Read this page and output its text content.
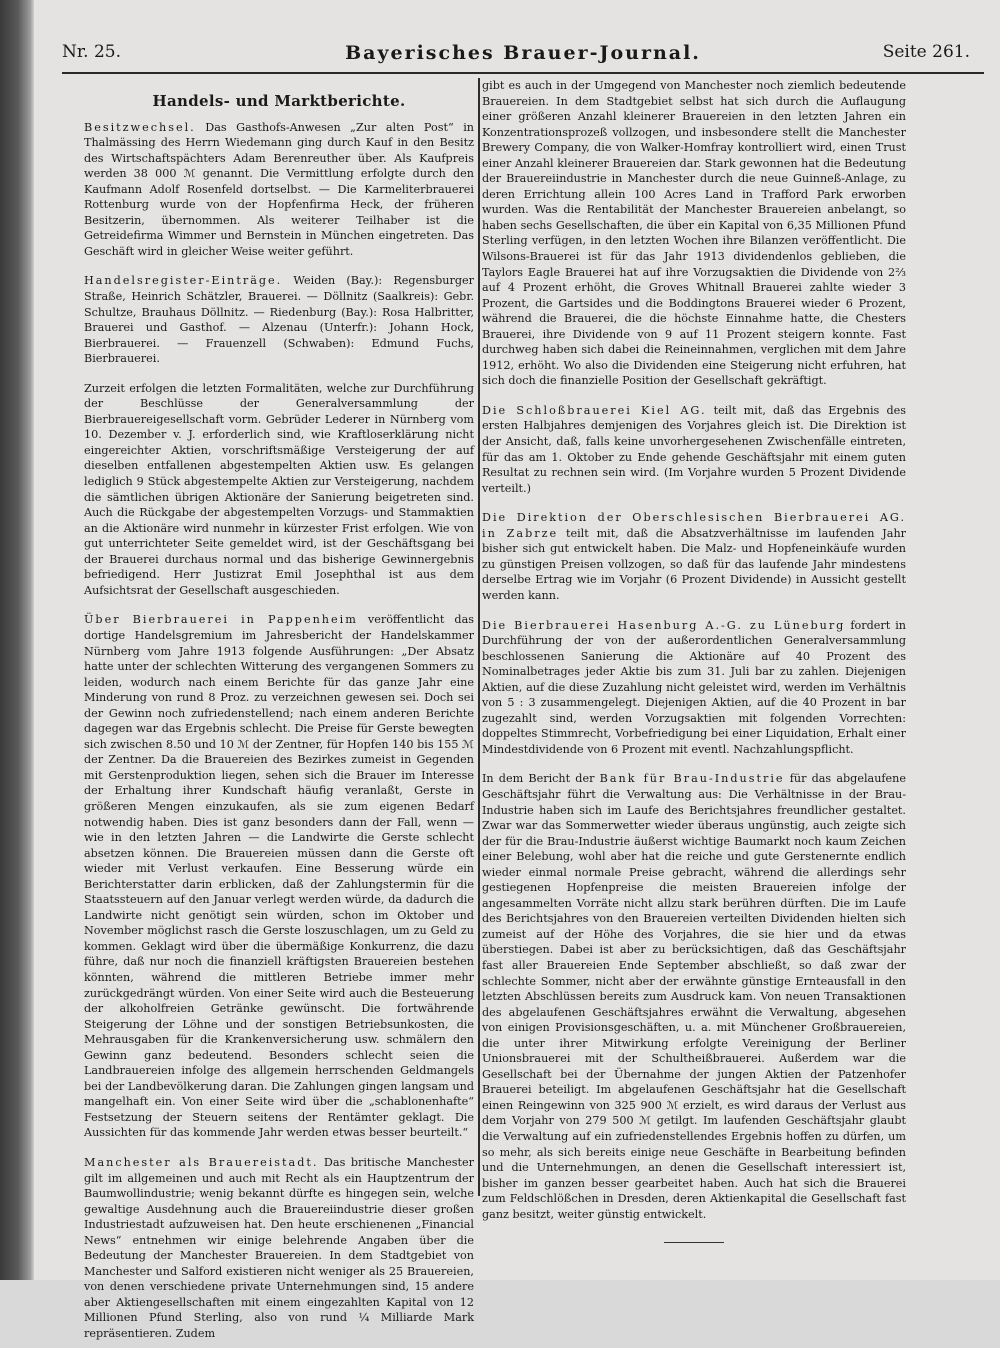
Nr. 25.	Bayerisches Brauer-Journal.	Seite 261.
Handels- und Marktberichte.

Besitzwechsel. Das Gasthofs-Anwesen „Zur alten Post“ in Thalmässing des Herrn Wiedemann ging durch Kauf in den Besitz des Wirtschaftspächters Adam Berenreuther über. Als Kaufpreis werden 38 000 ℳ genannt. Die Vermittlung erfolgte durch den Kaufmann Adolf Rosenfeld dortselbst. — Die Karmeliterbrauerei Rottenburg wurde von der Hopfenfirma Heck, der früheren Besitzerin, übernommen. Als weiterer Teilhaber ist die Getreidefirma Wimmer und Bernstein in München eingetreten. Das Geschäft wird in gleicher Weise weiter geführt.

Handelsregister-Einträge. Weiden (Bay.): Regensburger Straße, Heinrich Schätzler, Brauerei. — Döllnitz (Saalkreis): Gebr. Schultze, Brauhaus Döllnitz. — Riedenburg (Bay.): Rosa Halbritter, Brauerei und Gasthof. — Alzenau (Unterfr.): Johann Hock, Bierbrauerei. — Frauenzell (Schwaben): Edmund Fuchs, Bierbrauerei.

Zurzeit erfolgen die letzten Formalitäten, welche zur Durchführung der Beschlüsse der Generalversammlung der Bierbrauereigesellschaft vorm. Gebrüder Lederer in Nürnberg vom 10. Dezember v. J. erforderlich sind, wie Kraftloserklärung nicht eingereichter Aktien, vorschriftsmäßige Versteigerung der auf dieselben entfallenen abgestempelten Aktien usw. Es gelangen lediglich 9 Stück abgestempelte Aktien zur Versteigerung, nachdem die sämtlichen übrigen Aktionäre der Sanierung beigetreten sind. Auch die Rückgabe der abgestempelten Vorzugs- und Stammaktien an die Aktionäre wird nunmehr in kürzester Frist erfolgen. Wie von gut unterrichteter Seite gemeldet wird, ist der Geschäftsgang bei der Brauerei durchaus normal und das bisherige Gewinnergebnis befriedigend. Herr Justizrat Emil Josephthal ist aus dem Aufsichtsrat der Gesellschaft ausgeschieden.

Über Bierbrauerei in Pappenheim veröffentlicht das dortige Handelsgremium im Jahresbericht der Handelskammer Nürnberg vom Jahre 1913 folgende Ausführungen: „Der Absatz hatte unter der schlechten Witterung des vergangenen Sommers zu leiden, wodurch nach einem Berichte für das ganze Jahr eine Minderung von rund 8 Proz. zu verzeichnen gewesen sei. Doch sei der Gewinn noch zufriedenstellend; nach einem anderen Berichte dagegen war das Ergebnis schlecht. Die Preise für Gerste bewegten sich zwischen 8.50 und 10 ℳ der Zentner, für Hopfen 140 bis 155 ℳ der Zentner. Da die Brauereien des Bezirkes zumeist in Gegenden mit Gerstenproduktion liegen, sehen sich die Brauer im Interesse der Erhaltung ihrer Kundschaft häufig veranlaßt, Gerste in größeren Mengen einzukaufen, als sie zum eigenen Bedarf notwendig haben. Dies ist ganz besonders dann der Fall, wenn — wie in den letzten Jahren — die Landwirte die Gerste schlecht absetzen können. Die Brauereien müssen dann die Gerste oft wieder mit Verlust verkaufen. Eine Besserung würde ein Berichterstatter darin erblicken, daß der Zahlungstermin für die Staatssteuern auf den Januar verlegt werden würde, da dadurch die Landwirte nicht genötigt sein würden, schon im Oktober und November möglichst rasch die Gerste loszuschlagen, um zu Geld zu kommen. Geklagt wird über die übermäßige Konkurrenz, die dazu führe, daß nur noch die finanziell kräftigsten Brauereien bestehen könnten, während die mittleren Betriebe immer mehr zurückgedrängt würden. Von einer Seite wird auch die Besteuerung der alkoholfreien Getränke gewünscht. Die fortwährende Steigerung der Löhne und der sonstigen Betriebsunkosten, die Mehrausgaben für die Krankenversicherung usw. schmälern den Gewinn ganz bedeutend. Besonders schlecht seien die Landbrauereien infolge des allgemein herrschenden Geldmangels bei der Landbevölkerung daran. Die Zahlungen gingen langsam und mangelhaft ein. Von einer Seite wird über die „schablonenhafte“ Festsetzung der Steuern seitens der Rentämter geklagt. Die Aussichten für das kommende Jahr werden etwas besser beurteilt.“

Manchester als Brauereistadt. Das britische Manchester gilt im allgemeinen und auch mit Recht als ein Hauptzentrum der Baumwollindustrie; wenig bekannt dürfte es hingegen sein, welche gewaltige Ausdehnung auch die Brauereiindustrie dieser großen Industriestadt aufzuweisen hat. Den heute erschienenen „Financial News“ entnehmen wir einige belehrende Angaben über die Bedeutung der Manchester Brauereien. In dem Stadtgebiet von Manchester und Salford existieren nicht weniger als 25 Brauereien, von denen verschiedene private Unternehmungen sind, 15 andere aber Aktiengesellschaften mit einem eingezahlten Kapital von 12 Millionen Pfund Sterling, also von rund ¼ Milliarde Mark repräsentieren. Zudem

gibt es auch in der Umgegend von Manchester noch ziemlich bedeutende Brauereien. In dem Stadtgebiet selbst hat sich durch die Auflaugung einer größeren Anzahl kleinerer Brauereien in den letzten Jahren ein Konzentrationsprozeß vollzogen, und insbesondere stellt die Manchester Brewery Company, die von Walker-Homfray kontrolliert wird, einen Trust einer Anzahl kleinerer Brauereien dar. Stark gewonnen hat die Bedeutung der Brauereiindustrie in Manchester durch die neue Guinneß-Anlage, zu deren Errichtung allein 100 Acres Land in Trafford Park erworben wurden. Was die Rentabilität der Manchester Brauereien anbelangt, so haben sechs Gesellschaften, die über ein Kapital von 6,35 Millionen Pfund Sterling verfügen, in den letzten Wochen ihre Bilanzen veröffentlicht. Die Wilsons-Brauerei ist für das Jahr 1913 dividendenlos geblieben, die Taylors Eagle Brauerei hat auf ihre Vorzugsaktien die Dividende von 2⅔ auf 4 Prozent erhöht, die Groves Whitnall Brauerei zahlte wieder 3 Prozent, die Gartsides und die Boddingtons Brauerei wieder 6 Prozent, während die Brauerei, die die höchste Einnahme hatte, die Chesters Brauerei, ihre Dividende von 9 auf 11 Prozent steigern konnte. Fast durchweg haben sich dabei die Reineinnahmen, verglichen mit dem Jahre 1912, erhöht. Wo also die Dividenden eine Steigerung nicht erfuhren, hat sich doch die finanzielle Position der Gesellschaft gekräftigt.

Die Schloßbrauerei Kiel AG. teilt mit, daß das Ergebnis des ersten Halbjahres demjenigen des Vorjahres gleich ist. Die Direktion ist der Ansicht, daß, falls keine unvorhergesehenen Zwischenfälle eintreten, für das am 1. Oktober zu Ende gehende Geschäftsjahr mit einem guten Resultat zu rechnen sein wird. (Im Vorjahre wurden 5 Prozent Dividende verteilt.)

Die Direktion der Oberschlesischen Bierbrauerei AG. in Zabrze teilt mit, daß die Absatzverhältnisse im laufenden Jahr bisher sich gut entwickelt haben. Die Malz- und Hopfeneinkäufe wurden zu günstigen Preisen vollzogen, so daß für das laufende Jahr mindestens derselbe Ertrag wie im Vorjahr (6 Prozent Dividende) in Aussicht gestellt werden kann.

Die Bierbrauerei Hasenburg A.-G. zu Lüneburg fordert in Durchführung der von der außerordentlichen Generalversammlung beschlossenen Sanierung die Aktionäre auf 40 Prozent des Nominalbetrages jeder Aktie bis zum 31. Juli bar zu zahlen. Diejenigen Aktien, auf die diese Zuzahlung nicht geleistet wird, werden im Verhältnis von 5 : 3 zusammengelegt. Diejenigen Aktien, auf die 40 Prozent in bar zugezahlt sind, werden Vorzugsaktien mit folgenden Vorrechten: doppeltes Stimmrecht, Vorbefriedigung bei einer Liquidation, Erhalt einer Mindestdividende von 6 Prozent mit eventl. Nachzahlungspflicht.

In dem Bericht der Bank für Brau-Industrie für das abgelaufene Geschäftsjahr führt die Verwaltung aus: Die Verhältnisse in der Brau-Industrie haben sich im Laufe des Berichtsjahres freundlicher gestaltet. Zwar war das Sommerwetter wieder überaus ungünstig, auch zeigte sich der für die Brau-Industrie äußerst wichtige Baumarkt noch kaum Zeichen einer Belebung, wohl aber hat die reiche und gute Gerstenernte endlich wieder einmal normale Preise gebracht, während die allerdings sehr gestiegenen Hopfenpreise die meisten Brauereien infolge der angesammelten Vorräte nicht allzu stark berühren dürften. Die im Laufe des Berichtsjahres von den Brauereien verteilten Dividenden hielten sich zumeist auf der Höhe des Vorjahres, die sie hier und da etwas überstiegen. Dabei ist aber zu berücksichtigen, daß das Geschäftsjahr fast aller Brauereien Ende September abschließt, so daß zwar der schlechte Sommer, nicht aber der erwähnte günstige Ernteausfall in den letzten Abschlüssen bereits zum Ausdruck kam. Von neuen Transaktionen des abgelaufenen Geschäftsjahres erwähnt die Verwaltung, abgesehen von einigen Provisionsgeschäften, u. a. mit Münchener Großbrauereien, die unter ihrer Mitwirkung erfolgte Vereinigung der Berliner Unionsbrauerei mit der Schultheißbrauerei. Außerdem war die Gesellschaft bei der Übernahme der jungen Aktien der Patzenhofer Brauerei beteiligt. Im abgelaufenen Geschäftsjahr hat die Gesellschaft einen Reingewinn von 325 900 ℳ erzielt, es wird daraus der Verlust aus dem Vorjahr von 279 500 ℳ getilgt. Im laufenden Geschäftsjahr glaubt die Verwaltung auf ein zufriedenstellendes Ergebnis hoffen zu dürfen, um so mehr, als sich bereits einige neue Geschäfte in Bearbeitung befinden und die Unternehmungen, an denen die Gesellschaft interessiert ist, bisher im ganzen besser gearbeitet haben. Auch hat sich die Brauerei zum Feldschlößchen in Dresden, deren Aktienkapital die Gesellschaft fast ganz besitzt, weiter günstig entwickelt.
